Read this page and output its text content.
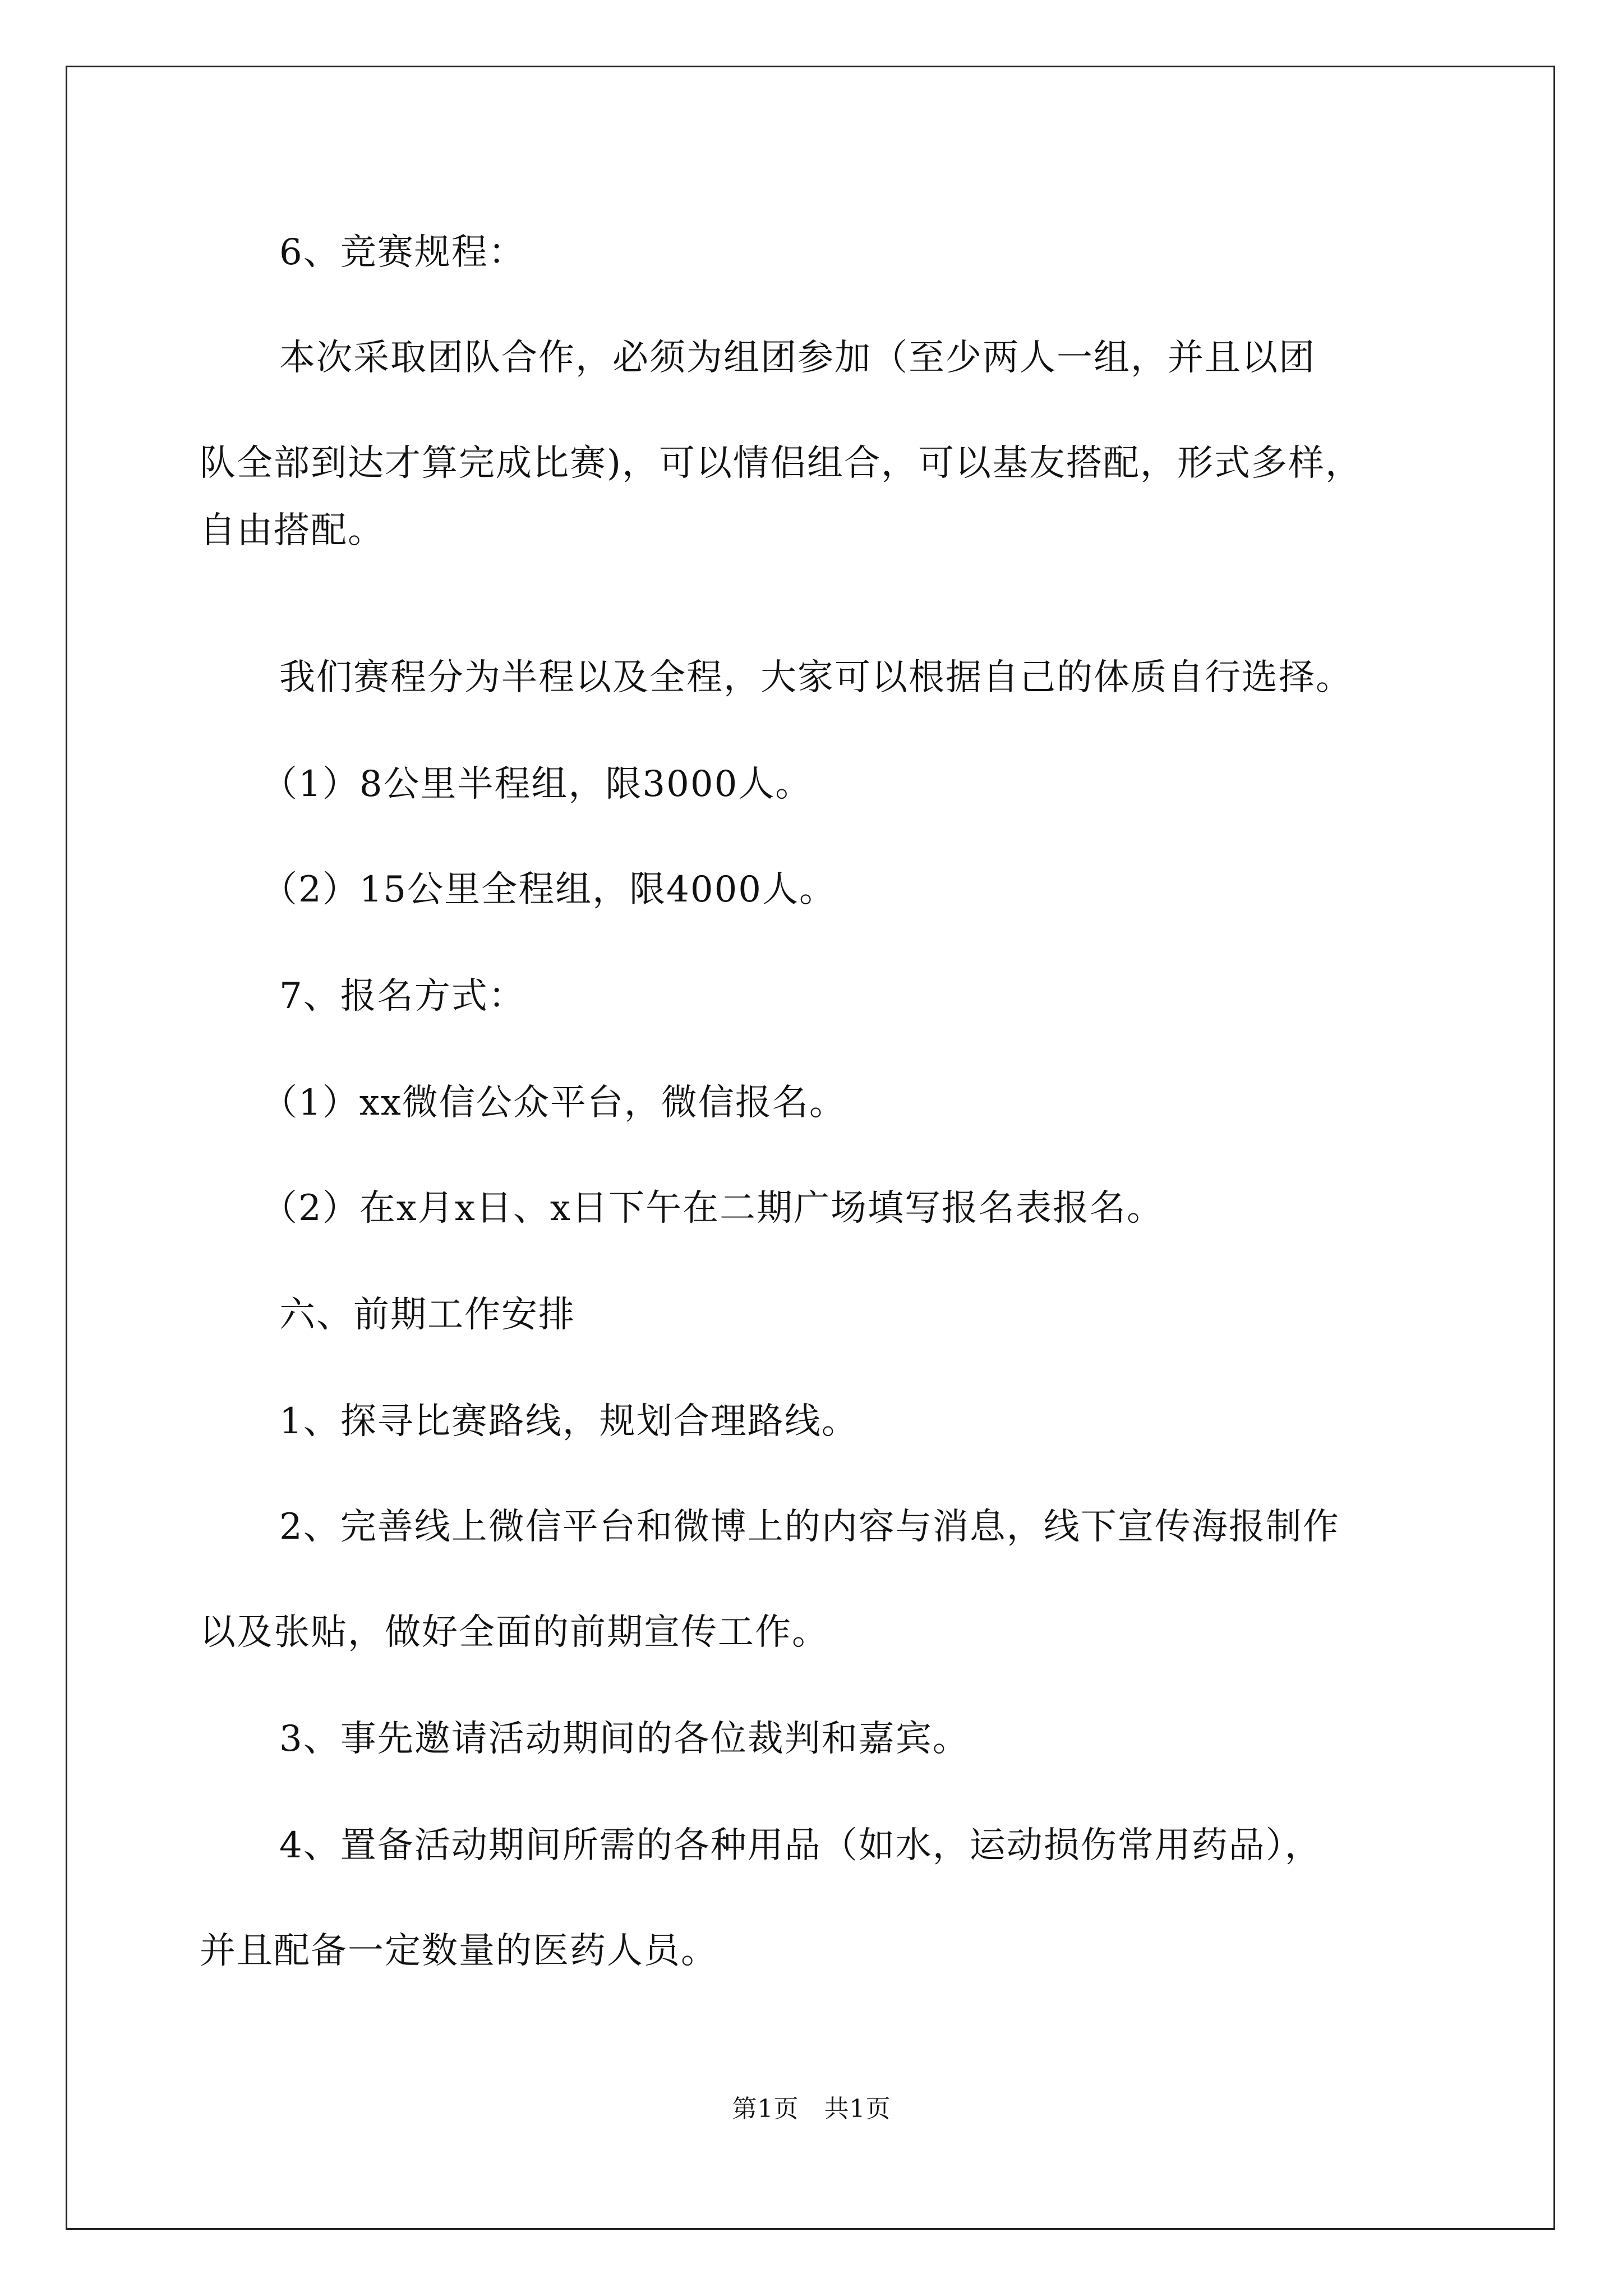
6、竞赛规程：

本次采取团队合作，必须为组团参加（至少两人一组，并且以团

队全部到达才算完成比赛)，可以情侣组合，可以基友搭配，形式多样，

自由搭配。

我们赛程分为半程以及全程，大家可以根据自己的体质自行选择。

（1）8公里半程组，限3000人。

（2）15公里全程组，限4000人。

7、报名方式：

（1）xx微信公众平台，微信报名。

（2）在x月x日、x日下午在二期广场填写报名表报名。

六、前期工作安排

1、探寻比赛路线，规划合理路线。

2、完善线上微信平台和微博上的内容与消息，线下宣传海报制作

以及张贴，做好全面的前期宣传工作。

3、事先邀请活动期间的各位裁判和嘉宾。

4、置备活动期间所需的各种用品（如水，运动损伤常用药品），

并且配备一定数量的医药人员。

第1页   共1页
